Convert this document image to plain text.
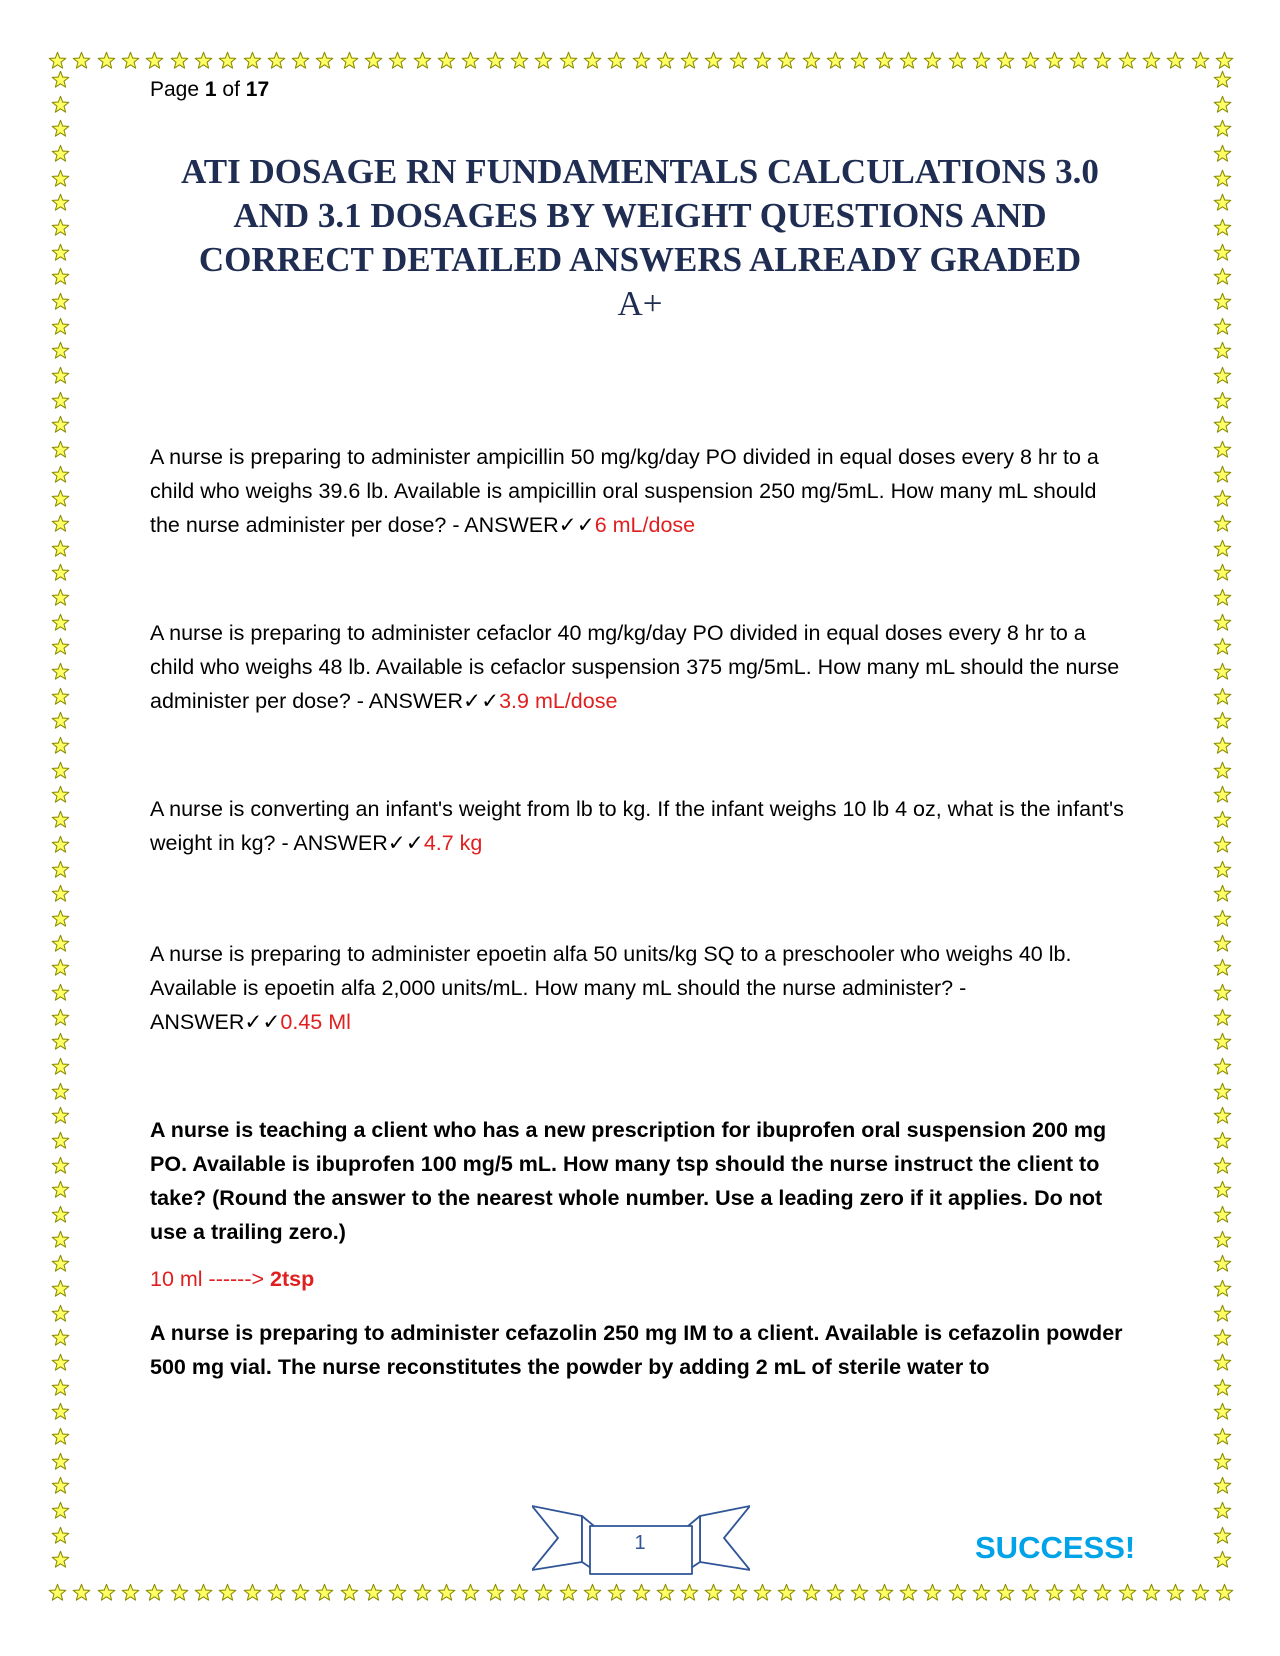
Page 1 of 17
ATI DOSAGE RN FUNDAMENTALS CALCULATIONS 3.0 AND 3.1 DOSAGES BY WEIGHT QUESTIONS AND CORRECT DETAILED ANSWERS ALREADY GRADED
A+
A nurse is preparing to administer ampicillin 50 mg/kg/day PO divided in equal doses every 8 hr to a child who weighs 39.6 lb. Available is ampicillin oral suspension 250 mg/5mL. How many mL should the nurse administer per dose? - ANSWER✓✓6 mL/dose
A nurse is preparing to administer cefaclor 40 mg/kg/day PO divided in equal doses every 8 hr to a child who weighs 48 lb. Available is cefaclor suspension 375 mg/5mL. How many mL should the nurse administer per dose? - ANSWER✓✓3.9 mL/dose
A nurse is converting an infant's weight from lb to kg. If the infant weighs 10 lb 4 oz, what is the infant's weight in kg? - ANSWER✓✓4.7 kg
A nurse is preparing to administer epoetin alfa 50 units/kg SQ to a preschooler who weighs 40 lb. Available is epoetin alfa 2,000 units/mL. How many mL should the nurse administer? - ANSWER✓✓0.45 Ml
A nurse is teaching a client who has a new prescription for ibuprofen oral suspension 200 mg PO. Available is ibuprofen 100 mg/5 mL. How many tsp should the nurse instruct the client to take? (Round the answer to the nearest whole number. Use a leading zero if it applies. Do not use a trailing zero.)
10 ml ------> 2tsp
A nurse is preparing to administer cefazolin 250 mg IM to a client. Available is cefazolin powder 500 mg vial. The nurse reconstitutes the powder by adding 2 mL of sterile water to
1	SUCCESS!
